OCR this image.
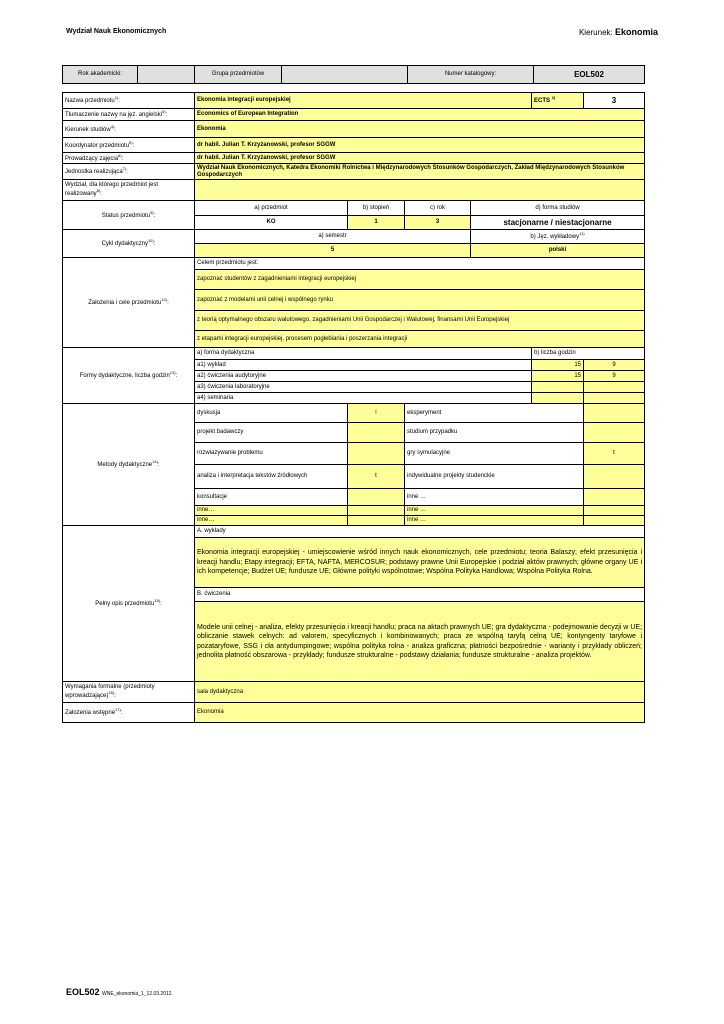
Wydział Nauk Ekonomicznych	Kierunek: Ekonomia
Rok akademicki:		Grupa przedmiotów		Numer katalogowy:	EOL502
Nazwa przedmiotu$^{1)}$:	Ekonomia integracji europejskiej				ECTS $^{2)}$	3
Tłumaczenie nazwy na jęz. angielski$^{3)}$:	Economics of European Integration					
Kierunek studiów$^{4)}$:	Ekonomia					
Koordynator przedmiotu$^{5)}$:	dr habil. Julian T. Krzyżanowski, profesor SGGW					
Prowadzący zajęcia$^{6)}$:	dr habil. Julian T. Krzyżanowski, profesor SGGW					
Jednostka realizująca$^{7)}$:	Wydział Nauk Ekonomicznych, Katedra Ekonomiki Rolnictwa i Międzynarodowych Stosunków Gospodarczych, Zakład Międzynarodowych Stosunków Gospodarczych					
Wydział, dla którego przedmiot jest realizowany$^{8)}$:						
Status przedmiotu$^{9)}$:	a) przedmiot	b) stopień	c) rok	d) forma studiów		
	KO	1	3	stacjonarne / niestacjonarne		
Cykl dydaktyczny$^{10)}$:	a) semestr			b) Jęz. wykładowy$^{11)}$
	5			polski		
Założenia i cele przedmiotu$^{12)}$:	Celem przedmiotu jest:					
	zapoznać studentów z zagadnieniami integracji europejskiej					
	zapoznać z modelami unii celnej i wspólnego rynku					
	z teorią optymalnego obszaru walutowego, zagadnieniami Unii Gospodarczej i Walutowej, finansami Unii Europejskiej					
	z etapami integracji europejskiej, procesem pogłebiania i poszerzania integracji					
Formy dydaktyczne, liczba godzin$^{13)}$:	a) forma dydaktyczna				b) liczba godzin	
	a1) wykład				15	9
	a2) ćwiczenia audytoryjne				15	9
	a3) ćwiczenia laboratoryjne					
	a4) seminaria					
Metody dydaktyczne$^{14)}$:	dyskusja	!	eksperyment			
	projekt badawczy		studium przypadku			
	rozwiazywanie problemu		gry symulacyjne			t
	analiza i interpretacja tekstów źródłowych	t	indywidualne projekty studenckie			
	konsultacje		inne …			
	inne…		inne …			
	inne…		inne …			
Pełny opis przedmiotu$^{15)}$:	A. wykłady					
	Ekonomia integracji europejskiej - umiejscowienie wśród innych nauk ekonomicznych, cele przedmiotu; teoria Balaszy; efekt przesunięcia i kreacji handlu; Etapy integracji; EFTA, NAFTA, MERCOSUR; podstawy prawne Unii Europejskie i podział aktów prawnych; główne organy UE i ich kompetencje; Budżet UE; fundusze UE; Główne polityki wspólnotowe; Wspólna Polityka Handlowa; Wspólna Polityka Rolna.					
	B. ćwiczenia					
	Modele unii celnej - analiza, efekty przesunięcia i kreacji handlu; praca na aktach prawnych UE; gra dydaktyczna - podejmowanie decyzji w UE; obliczanie stawek celnych: ad valorem, specyficznych i kombinowanych; praca ze wspólną taryfą celną UE; kontyngenty taryfowe i pozataryfowe, SSG i cła antydumpingowe; wspólna polityka rolna - analiza graficzna; płatności bezpośrednie - warianty i przykłady obliczeń; jednolita płatność obszarowa - przykłady; fundusze strukturalne - podstawy działania; fundusze strukturalne - analiza projektów.					
Wymagania formalne (przedmioty wprowadzające)$^{16)}$:	sala dydaktyczna					
Założenia wstępne$^{17)}$:	Ekonomia					
EOL502 WNE_ekonomia_1_12.03.2012.
